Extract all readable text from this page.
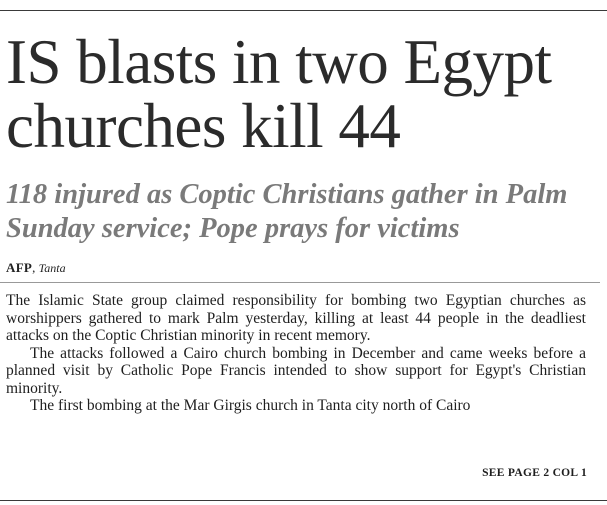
IS blasts in two Egypt churches kill 44
118 injured as Coptic Christians gather in Palm Sunday service; Pope prays for victims
AFP, Tanta

The Islamic State group claimed responsibility for bombing two Egyptian churches as worshippers gathered to mark Palm yesterday, killing at least 44 people in the deadliest attacks on the Coptic Christian minority in recent memory.

The attacks followed a Cairo church bombing in December and came weeks before a planned visit by Catholic Pope Francis intended to show support for Egypt's Christian minority.

The first bombing at the Mar Girgis church in Tanta city north of Cairo

SEE PAGE 2 COL 1
